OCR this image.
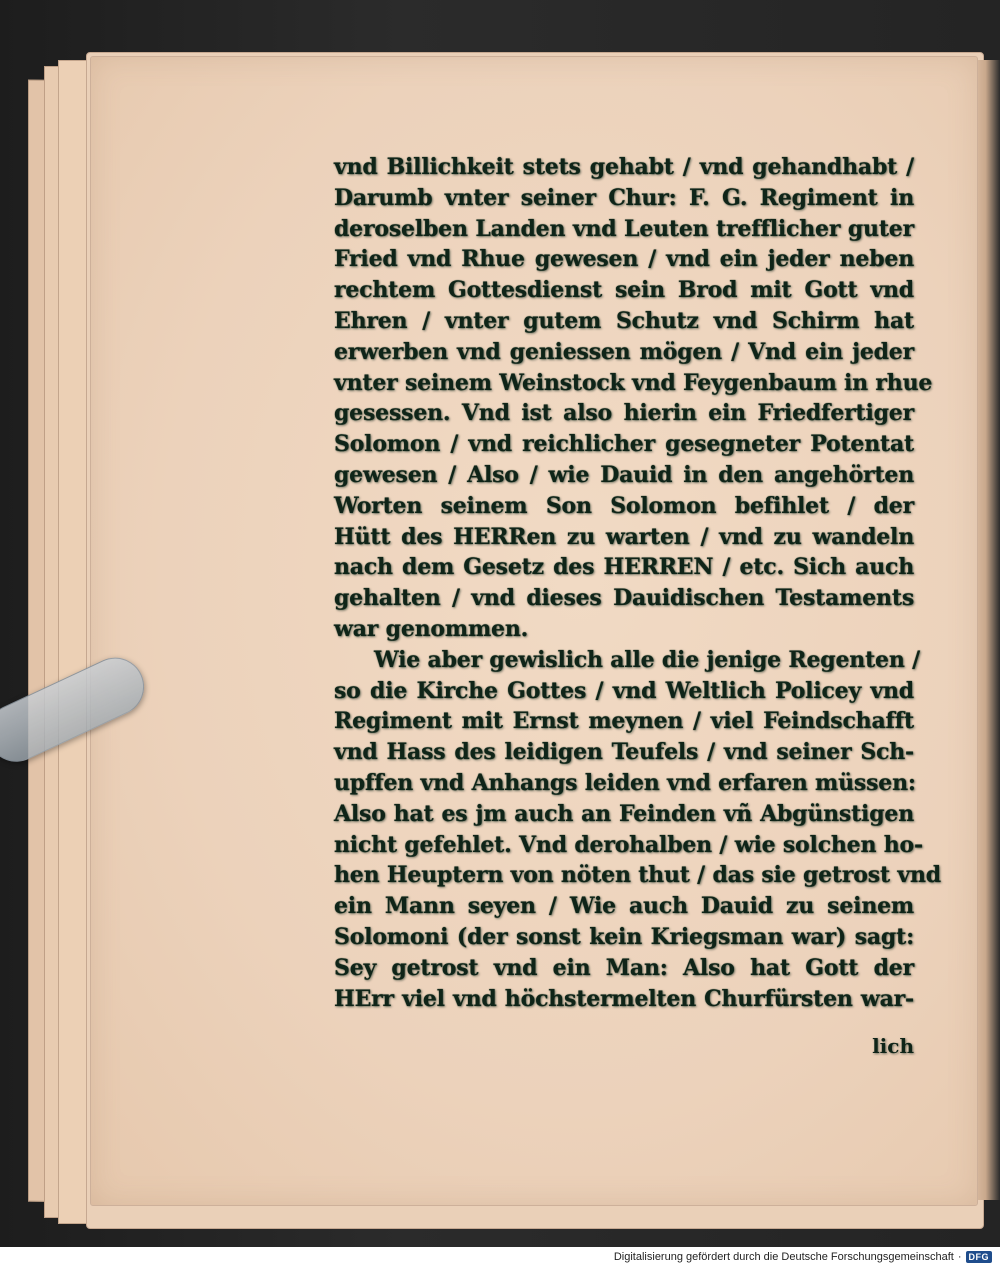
vnd Billichkeit stets gehabt / vnd gehandhabt /
Darumb vnter seiner Chur: F. G. Regiment in
deroselben Landen vnd Leuten trefflicher guter
Fried vnd Rhue gewesen / vnd ein jeder neben
rechtem Gottesdienst sein Brod mit Gott vnd
Ehren / vnter gutem Schutz vnd Schirm hat
erwerben vnd geniessen mögen / Vnd ein jeder
vnter seinem Weinstock vnd Feygenbaum in rhue
gesessen. Vnd ist also hierin ein Friedfertiger
Solomon / vnd reichlicher gesegneter Potentat
gewesen / Also / wie Dauid in den angehörten
Worten seinem Son Solomon befihlet / der
Hütt des HERRen zu warten / vnd zu wandeln
nach dem Gesetz des HERREN / etc. Sich auch
gehalten / vnd dieses Dauidischen Testaments
war genommen.
Wie aber gewislich alle die jenige Regenten /
so die Kirche Gottes / vnd Weltlich Policey vnd
Regiment mit Ernst meynen / viel Feindschafft
vnd Hass des leidigen Teufels / vnd seiner Sch-
upffen vnd Anhangs leiden vnd erfaren müssen:
Also hat es jm auch an Feinden vñ Abgünstigen
nicht gefehlet. Vnd derohalben / wie solchen ho-
hen Heuptern von nöten thut / das sie getrost vnd
ein Mann seyen / Wie auch Dauid zu seinem
Solomoni (der sonst kein Kriegsman war) sagt:
Sey getrost vnd ein Man: Also hat Gott der
HErr viel vnd höchstermelten Churfürsten war-
lich
Digitalisierung gefördert durch die Deutsche Forschungsgemeinschaft · DFG
